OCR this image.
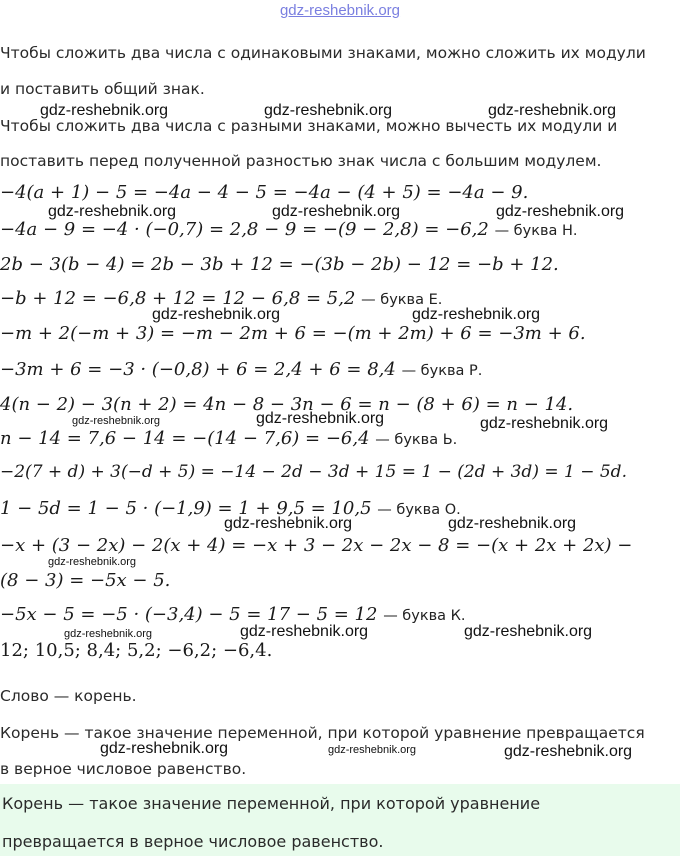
gdz-reshebnik.org
Чтобы сложить два числа с одинаковыми знаками, можно сложить их модули
и поставить общий знак.
Чтобы сложить два числа с разными знаками, можно вычесть их модули и
поставить перед полученной разностью знак числа с большим модулем.
−4(a + 1) − 5 = −4a − 4 − 5 = −4a − (4 + 5) = −4a − 9.
−4a − 9 = −4 · (−0,7) = 2,8 − 9 = −(9 − 2,8) = −6,2 — буква Н.
2b − 3(b − 4) = 2b − 3b + 12 = −(3b − 2b) − 12 = −b + 12.
−b + 12 = −6,8 + 12 = 12 − 6,8 = 5,2 — буква Е.
−m + 2(−m + 3) = −m − 2m + 6 = −(m + 2m) + 6 = −3m + 6.
−3m + 6 = −3 · (−0,8) + 6 = 2,4 + 6 = 8,4 — буква Р.
4(n − 2) − 3(n + 2) = 4n − 8 − 3n − 6 = n − (8 + 6) = n − 14.
n − 14 = 7,6 − 14 = −(14 − 7,6) = −6,4 — буква Ь.
−2(7 + d) + 3(−d + 5) = −14 − 2d − 3d + 15 = 1 − (2d + 3d) = 1 − 5d.
1 − 5d = 1 − 5 · (−1,9) = 1 + 9,5 = 10,5 — буква О.
−x + (3 − 2x) − 2(x + 4) = −x + 3 − 2x − 2x − 8 = −(x + 2x + 2x) −
(8 − 3) = −5x − 5.
−5x − 5 = −5 · (−3,4) − 5 = 17 − 5 = 12 — буква К.
12; 10,5; 8,4; 5,2; −6,2; −6,4.
Слово — корень.
Корень — такое значение переменной, при которой уравнение превращается
в верное числовое равенство.
Корень — такое значение переменной, при которой уравнение
превращается в верное числовое равенство.
gdz-reshebnik.org	gdz-reshebnik.org	gdz-reshebnik.org
gdz-reshebnik.org	gdz-reshebnik.org	gdz-reshebnik.org
gdz-reshebnik.org	gdz-reshebnik.org
gdz-reshebnik.org	gdz-reshebnik.org	gdz-reshebnik.org
gdz-reshebnik.org	gdz-reshebnik.org
gdz-reshebnik.org
gdz-reshebnik.org	gdz-reshebnik.org	gdz-reshebnik.org
gdz-reshebnik.org	gdz-reshebnik.org	gdz-reshebnik.org
